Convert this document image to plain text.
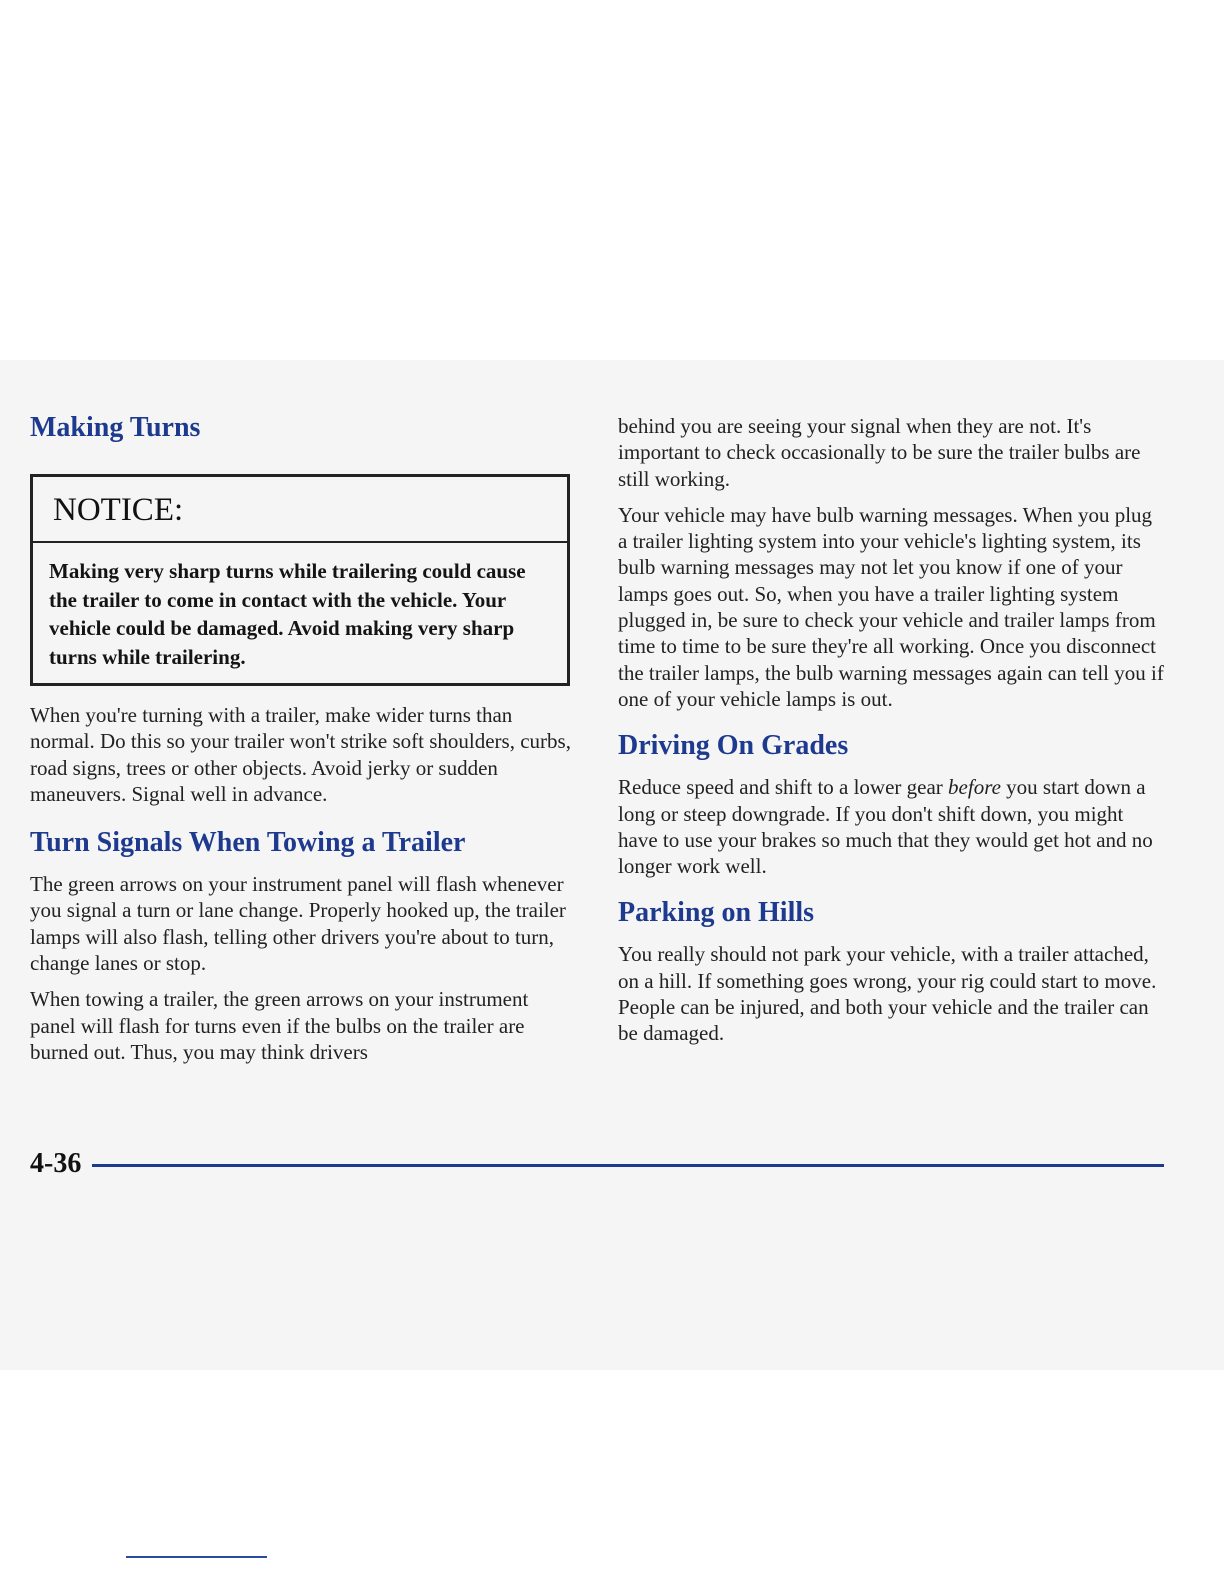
Making Turns
NOTICE:
Making very sharp turns while trailering could cause the trailer to come in contact with the vehicle. Your vehicle could be damaged. Avoid making very sharp turns while trailering.

When you're turning with a trailer, make wider turns than normal. Do this so your trailer won't strike soft shoulders, curbs, road signs, trees or other objects. Avoid jerky or sudden maneuvers. Signal well in advance.

Turn Signals When Towing a Trailer

The green arrows on your instrument panel will flash whenever you signal a turn or lane change. Properly hooked up, the trailer lamps will also flash, telling other drivers you're about to turn, change lanes or stop.

When towing a trailer, the green arrows on your instrument panel will flash for turns even if the bulbs on the trailer are burned out. Thus, you may think drivers

behind you are seeing your signal when they are not. It's important to check occasionally to be sure the trailer bulbs are still working.

Your vehicle may have bulb warning messages. When you plug a trailer lighting system into your vehicle's lighting system, its bulb warning messages may not let you know if one of your lamps goes out. So, when you have a trailer lighting system plugged in, be sure to check your vehicle and trailer lamps from time to time to be sure they're all working. Once you disconnect the trailer lamps, the bulb warning messages again can tell you if one of your vehicle lamps is out.

Driving On Grades

Reduce speed and shift to a lower gear before you start down a long or steep downgrade. If you don't shift down, you might have to use your brakes so much that they would get hot and no longer work well.

Parking on Hills

You really should not park your vehicle, with a trailer attached, on a hill. If something goes wrong, your rig could start to move. People can be injured, and both your vehicle and the trailer can be damaged.

4-36
